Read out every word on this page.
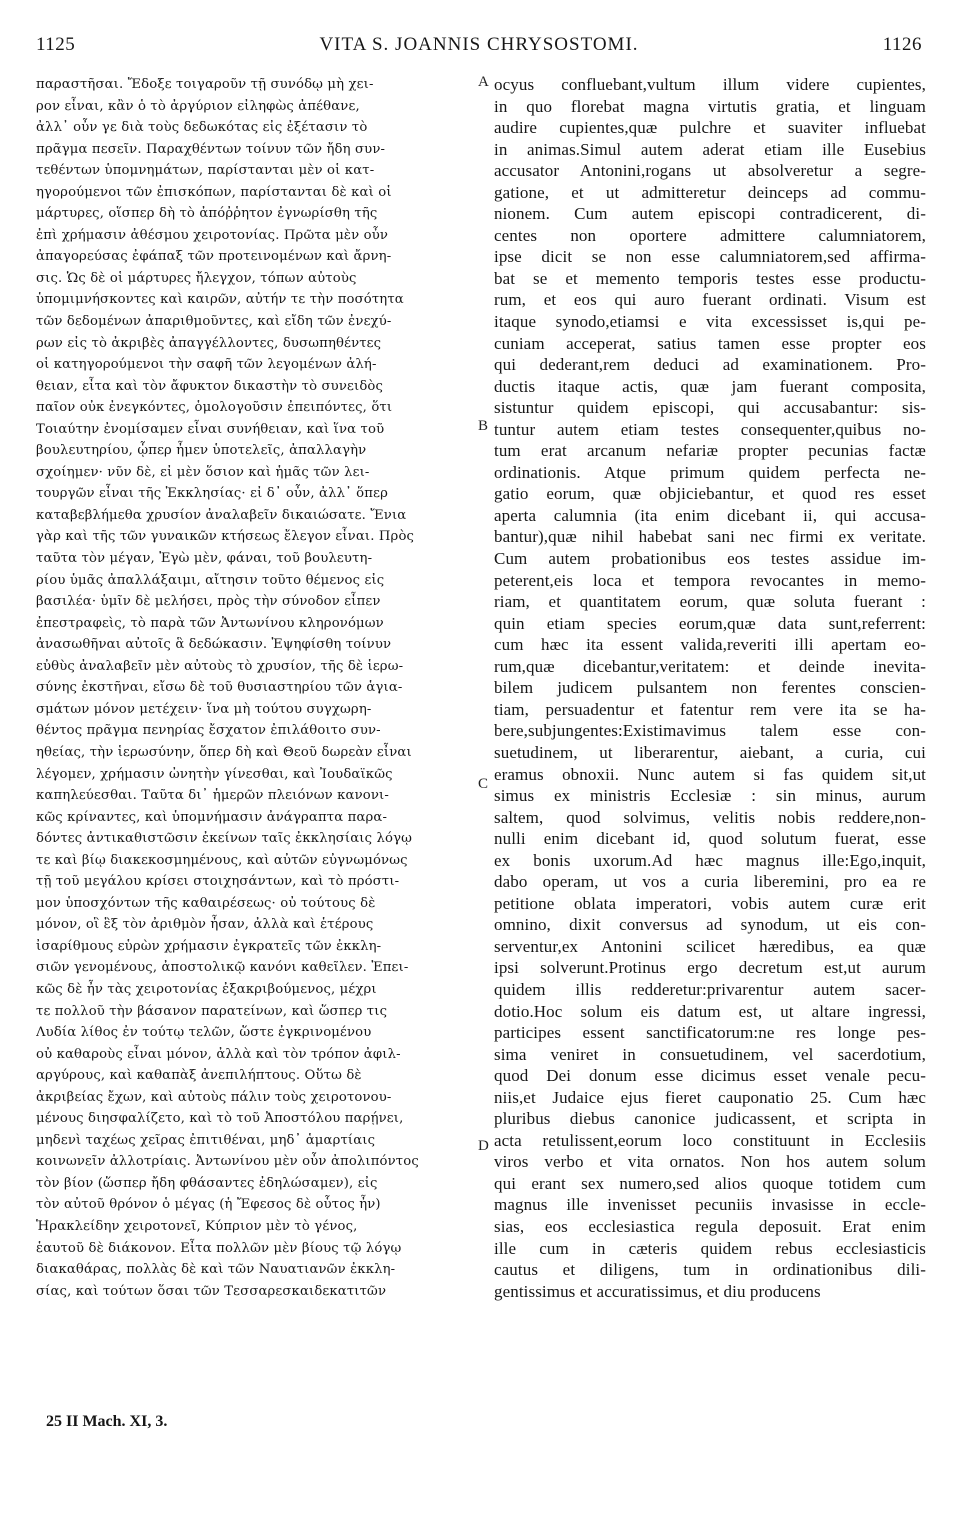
1125	VITA S. JOANNIS CHRYSOSTOMI.	1126
παραστῆσαι. Ἔδοξε τοιγαροῦν τῇ συνόδῳ μὴ χει-
ρον εἶναι, κἂν ὁ τὸ ἀργύριον εἰληφὼς ἀπέθανε,
ἀλλ᾽ οὖν γε διὰ τοὺς δεδωκότας εἰς ἐξέτασιν τὸ
πρᾶγμα πεσεῖν. Παραχθέντων τοίνυν τῶν ἤδη συν-
τεθέντων ὑπομνημάτων, παρίστανται μὲν οἱ κατ-
ηγορούμενοι τῶν ἐπισκόπων, παρίστανται δὲ καὶ οἱ
μάρτυρες, οἵσπερ δὴ τὸ ἀπόῤῥητον ἐγνωρίσθη τῆς
ἐπὶ χρήμασιν ἀθέσμου χειροτονίας. Πρῶτα μὲν οὖν
ἀπαγορεύσας ἐφάπαξ τῶν προτεινομένων καὶ ἄρνη-
σις. Ὡς δὲ οἱ μάρτυρες ἤλεγχον, τόπων αὐτοὺς
ὑπομιμνήσκοντες καὶ καιρῶν, αὐτήν τε τὴν ποσότητα
τῶν δεδομένων ἀπαριθμοῦντες, καὶ εἴδη τῶν ἐνεχύ-
ρων εἰς τὸ ἀκριβὲς ἀπαγγέλλοντες, δυσωπηθέντες
οἱ κατηγορούμενοι τὴν σαφῆ τῶν λεγομένων ἀλή-
θειαν, εἶτα καὶ τὸν ἄφυκτον δικαστὴν τὸ συνειδὸς
παῖον οὐκ ἐνεγκόντες, ὁμολογοῦσιν ἐπειπόντες, ὅτι
Τοιαύτην ἐνομίσαμεν εἶναι συνήθειαν, καὶ ἵνα τοῦ
βουλευτηρίου, ᾧπερ ἦμεν ὑποτελεῖς, ἀπαλλαγὴν
σχοίημεν· νῦν δὲ, εἰ μὲν ὅσιον καὶ ἡμᾶς τῶν λει-
τουργῶν εἶναι τῆς Ἐκκλησίας· εἰ δ᾽ οὖν, ἀλλ᾽ ὅπερ
καταβεβλήμεθα χρυσίον ἀναλαβεῖν δικαιώσατε. Ἔνια
γὰρ καὶ τῆς τῶν γυναικῶν κτήσεως ἔλεγον εἶναι. Πρὸς
ταῦτα τὸν μέγαν, Ἐγὼ μὲν, φάναι, τοῦ βουλευτη-
ρίου ὑμᾶς ἀπαλλάξαιμι, αἴτησιν τοῦτο θέμενος εἰς
βασιλέα· ὑμῖν δὲ μελήσει, πρὸς τὴν σύνοδον εἶπεν
ἐπεστραφεὶς, τὸ παρὰ τῶν Ἀντωνίνου κληρονόμων
ἀνασωθῆναι αὐτοῖς ἃ δεδώκασιν. Ἐψηφίσθη τοίνυν
εὐθὺς ἀναλαβεῖν μὲν αὐτοὺς τὸ χρυσίον, τῆς δὲ ἱερω-
σύνης ἐκστῆναι, εἴσω δὲ τοῦ θυσιαστηρίου τῶν ἁγια-
σμάτων μόνον μετέχειν· ἵνα μὴ τούτου συγχωρη-
θέντος πρᾶγμα πενηρίας ἔσχατον ἐπιλάθοιτο συν-
ηθείας, τὴν ἱερωσύνην, ὅπερ δὴ καὶ Θεοῦ δωρεὰν εἶναι
λέγομεν, χρήμασιν ὠνητὴν γίνεσθαι, καὶ Ἰουδαϊκῶς
καπηλεύεσθαι. Ταῦτα δι᾽ ἡμερῶν πλειόνων κανονι-
κῶς κρίναντες, καὶ ὑπομνήμασιν ἀνάγραπτα παρα-
δόντες ἀντικαθιστῶσιν ἐκείνων ταῖς ἐκκλησίαις λόγῳ
τε καὶ βίῳ διακεκοσμημένους, καὶ αὐτῶν εὐγνωμόνως
τῇ τοῦ μεγάλου κρίσει στοιχησάντων, καὶ τὸ πρόστι-
μον ὑποσχόντων τῆς καθαιρέσεως· οὐ τούτους δὲ
μόνον, οἳ ἓξ τὸν ἀριθμὸν ἦσαν, ἀλλὰ καὶ ἑτέρους
ἰσαρίθμους εὑρὼν χρήμασιν ἐγκρατεῖς τῶν ἐκκλη-
σιῶν γενομένους, ἀποστολικῷ κανόνι καθεῖλεν. Ἐπει-
κῶς δὲ ἦν τὰς χειροτονίας ἐξακριβούμενος, μέχρι
τε πολλοῦ τὴν βάσανον παρατείνων, καὶ ὥσπερ τις
Λυδία λίθος ἐν τούτῳ τελῶν, ὥστε ἐγκρινομένου
οὐ καθαροὺς εἶναι μόνον, ἀλλὰ καὶ τὸν τρόπον ἀφιλ-
αργύρους, καὶ καθαπὰξ ἀνεπιλήπτους. Οὕτω δὲ
ἀκριβείας ἔχων, καὶ αὐτοὺς πάλιν τοὺς χειροτονου-
μένους διησφαλίζετο, καὶ τὸ τοῦ Ἀποστόλου παρῄνει,
μηδενὶ ταχέως χεῖρας ἐπιτιθέναι, μηδ᾽ ἁμαρτίαις
κοινωνεῖν ἀλλοτρίαις. Ἀντωνίνου μὲν οὖν ἀπολιπόντος
τὸν βίον (ὥσπερ ἤδη φθάσαντες ἐδηλώσαμεν), εἰς
τὸν αὐτοῦ θρόνον ὁ μέγας (ἡ Ἔφεσος δὲ οὗτος ἦν)
Ἡρακλείδην χειροτονεῖ, Κύπριον μὲν τὸ γένος,
ἑαυτοῦ δὲ διάκονον. Εἶτα πολλῶν μὲν βίους τῷ λόγῳ
διακαθάρας, πολλὰς δὲ καὶ τῶν Ναυατιανῶν ἐκκλη-
σίας, καὶ τούτων ὅσαι τῶν Τεσσαρεσκαιδεκατιτῶν
ocyus confluebant,vultum illum videre cupientes,
in quo florebat magna virtutis gratia, et linguam
audire cupientes,quæ pulchre et suaviter influebat
in animas.Simul autem aderat etiam ille Eusebius
accusator Antonini,rogans ut absolveretur a segre-
gatione, et ut admitteretur deinceps ad commu-
nionem. Cum autem episcopi contradicerent, di-
centes non oportere admittere calumniatorem,
ipse dicit se non esse calumniatorem,sed affirma-
bat se et memento temporis testes esse productu-
rum, et eos qui auro fuerant ordinati. Visum est
itaque synodo,etiamsi e vita excessisset is,qui pe-
cuniam acceperat, satius tamen esse propter eos
qui dederant,rem deduci ad examinationem. Pro-
ductis itaque actis, quæ jam fuerant composita,
sistuntur quidem episcopi, qui accusabantur: sis-
tuntur autem etiam testes consequenter,quibus no-
tum erat arcanum nefariæ propter pecunias factæ
ordinationis. Atque primum quidem perfecta ne-
gatio eorum, quæ objiciebantur, et quod res esset
aperta calumnia (ita enim dicebant ii, qui accusa-
bantur),quæ nihil habebat sani nec firmi ex veritate.
Cum autem probationibus eos testes assidue im-
peterent,eis loca et tempora revocantes in memo-
riam, et quantitatem eorum, quæ soluta fuerant :
quin etiam species eorum,quæ data sunt,referrent:
cum hæc ita essent valida,reveriti illi apertam eo-
rum,quæ dicebantur,veritatem: et deinde inevita-
bilem judicem pulsantem non ferentes conscien-
tiam, persuadentur et fatentur rem vere ita se ha-
bere,subjungentes:Existimavimus talem esse con-
suetudinem, ut liberarentur, aiebant, a curia, cui
eramus obnoxii. Nunc autem si fas quidem sit,ut
simus ex ministris Ecclesiæ : sin minus, aurum
saltem, quod solvimus, velitis nobis reddere,non-
nulli enim dicebant id, quod solutum fuerat, esse
ex bonis uxorum.Ad hæc magnus ille:Ego,inquit,
dabo operam, ut vos a curia liberemini, pro ea re
petitione oblata imperatori, vobis autem curæ erit
omnino, dixit conversus ad synodum, ut eis con-
serventur,ex Antonini scilicet hæredibus, ea quæ
ipsi solverunt.Protinus ergo decretum est,ut aurum
quidem illis redderetur:privarentur autem sacer-
dotio.Hoc solum eis datum est, ut altare ingressi,
participes essent sanctificatorum:ne res longe pes-
sima veniret in consuetudinem, vel sacerdotium,
quod Dei donum esse dicimus esset venale pecu-
niis,et Judaice ejus fieret cauponatio 25. Cum hæc
pluribus diebus canonice judicassent, et scripta in
acta retulissent,eorum loco constituunt in Ecclesiis
viros verbo et vita ornatos. Non hos autem solum
qui erant sex numero,sed alios quoque totidem cum
magnus ille invenisset pecuniis invasisse in eccle-
sias, eos ecclesiastica regula deposuit. Erat enim
ille cum in cæteris quidem rebus ecclesiasticis
cautus et diligens, tum in ordinationibus dili-
gentissimus et accuratissimus, et diu producens
A
B
C
D
25 II Mach. XI, 3.
